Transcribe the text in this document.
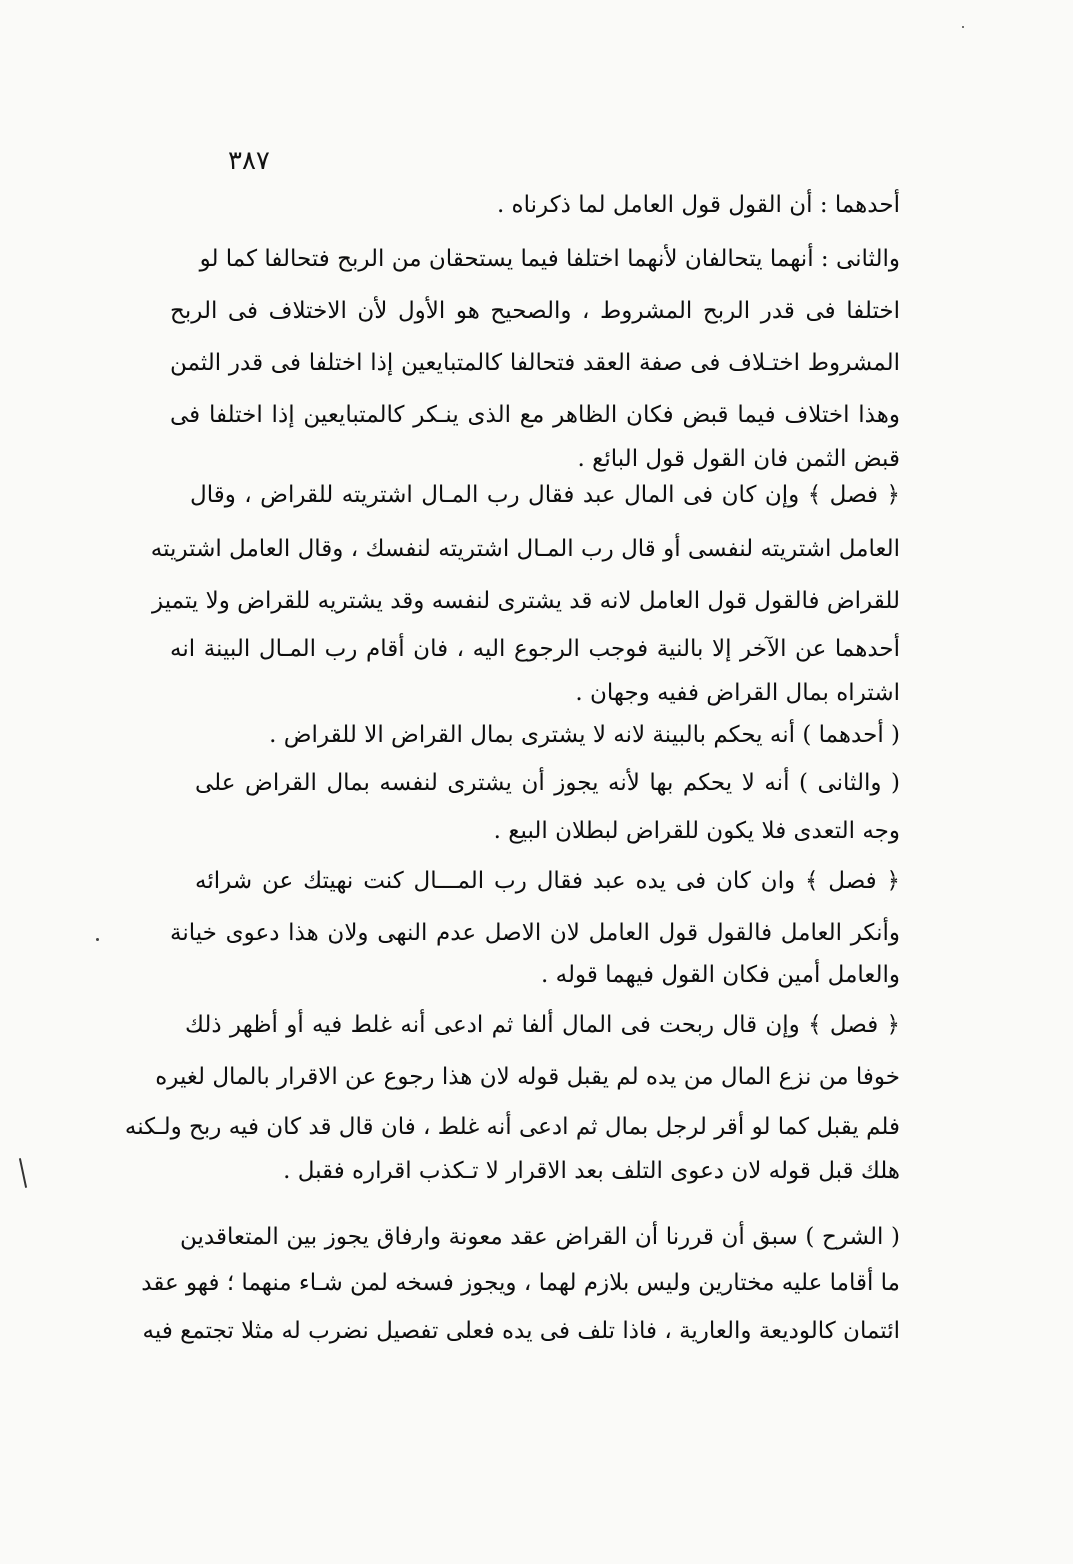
٣٨٧
أحدهما : أن القول قول العامل لما ذكرناه .
والثانى : أنهما يتحالفان لأنهما اختلفا فيما يستحقان من الربح فتحالفا كما لو
اختلفا فى قدر الربح المشروط ، والصحيح هو الأول لأن الاختلاف فى الربح
المشروط اختـلاف فى صفة العقد فتحالفا كالمتبايعين إذا اختلفا فى قدر الثمن
وهذا اختلاف فيما قبض فكان الظاهر مع الذى ينـكر كالمتبايعين إذا اختلفا فى
قبض الثمن فان القول قول البائع .
﴿ فصل ﴾ وإن كان فى المال عبد فقال رب المـال اشتريته للقراض ، وقال
العامل اشتريته لنفسى أو قال رب المـال اشتريته لنفسك ، وقال العامل اشتريته
للقراض فالقول قول العامل لانه قد يشترى لنفسه وقد يشتريه للقراض ولا يتميز
أحدهما عن الآخر إلا بالنية فوجب الرجوع اليه ، فان أقام رب المـال البينة انه
اشتراه بمال القراض ففيه وجهان .
( أحدهما ) أنه يحكم بالبينة لانه لا يشترى بمال القراض الا للقراض .
( والثانى ) أنه لا يحكم بها لأنه يجوز أن يشترى لنفسه بمال القراض على
وجه التعدى فلا يكون للقراض لبطلان البيع .
﴿ فصل ﴾ وان كان فى يده عبد فقال رب المـــال كنت نهيتك عن شرائه
وأنكر العامل فالقول قول العامل لان الاصل عدم النهى ولان هذا دعوى خيانة
والعامل أمين فكان القول فيهما قوله .
﴿ فصل ﴾ وإن قال ربحت فى المال ألفا ثم ادعى أنه غلط فيه أو أظهر ذلك
خوفا من نزع المال من يده لم يقبل قوله لان هذا رجوع عن الاقرار بالمال لغيره
فلم يقبل كما لو أقر لرجل بمال ثم ادعى أنه غلط ، فان قال قد كان فيه ربح ولـكنه
هلك قبل قوله لان دعوى التلف بعد الاقرار لا تـكذب اقراره فقبل .
( الشرح ) سبق أن قررنا أن القراض عقد معونة وارفاق يجوز بين المتعاقدين
ما أقاما عليه مختارين وليس بلازم لهما ، ويجوز فسخه لمن شـاء منهما ؛ فهو عقد
ائتمان كالوديعة والعارية ، فاذا تلف فى يده فعلى تفصيل نضرب له مثلا تجتمع فيه
